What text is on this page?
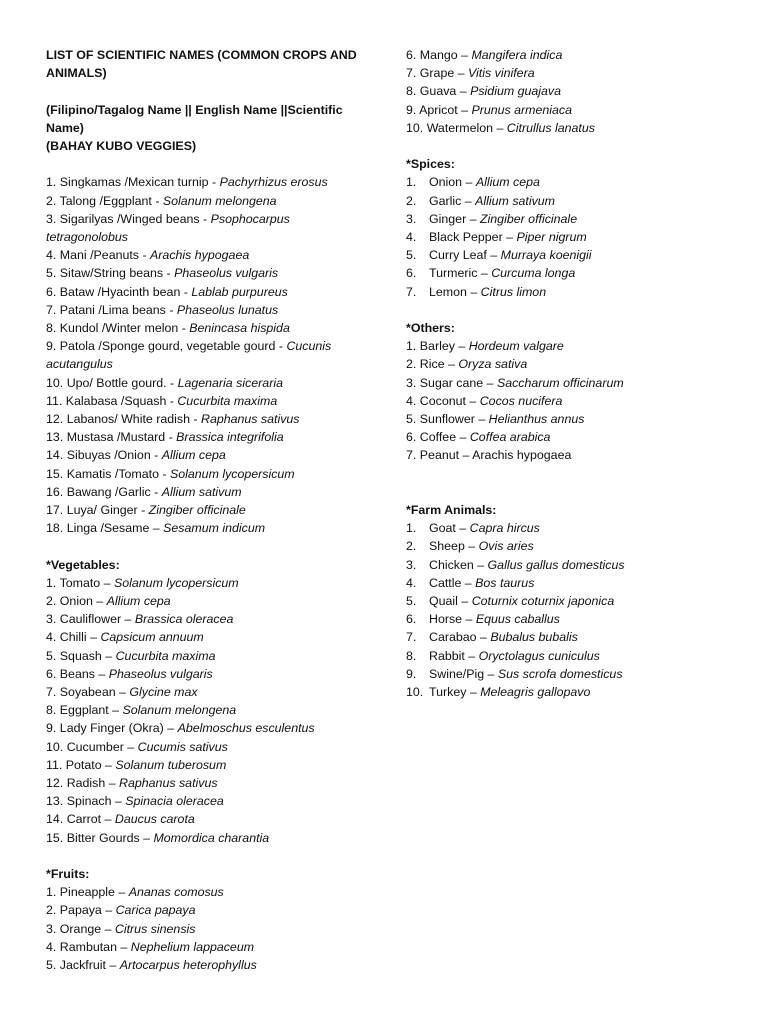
LIST OF SCIENTIFIC NAMES (COMMON CROPS AND ANIMALS)
(Filipino/Tagalog Name || English Name ||Scientific Name)
(BAHAY KUBO VEGGIES)
1. Singkamas /Mexican turnip - Pachyrhizus erosus
2. Talong /Eggplant - Solanum melongena
3. Sigarilyas /Winged beans - Psophocarpus tetragonolobus
4. Mani /Peanuts - Arachis hypogaea
5. Sitaw/String beans - Phaseolus vulgaris
6. Bataw /Hyacinth bean - Lablab purpureus
7. Patani /Lima beans - Phaseolus lunatus
8. Kundol /Winter melon - Benincasa hispida
9. Patola /Sponge gourd, vegetable gourd - Cucunis acutangulus
10. Upo/ Bottle gourd. - Lagenaria siceraria
11. Kalabasa /Squash - Cucurbita maxima
12. Labanos/ White radish - Raphanus sativus
13. Mustasa /Mustard - Brassica integrifolia
14. Sibuyas /Onion - Allium cepa
15. Kamatis /Tomato - Solanum lycopersicum
16. Bawang /Garlic - Allium sativum
17. Luya/ Ginger - Zingiber officinale
18. Linga /Sesame – Sesamum indicum
*Vegetables:
1. Tomato – Solanum lycopersicum
2. Onion – Allium cepa
3. Cauliflower – Brassica oleracea
4. Chilli – Capsicum annuum
5. Squash – Cucurbita maxima
6. Beans – Phaseolus vulgaris
7. Soyabean – Glycine max
8. Eggplant – Solanum melongena
9. Lady Finger (Okra) – Abelmoschus esculentus
10. Cucumber – Cucumis sativus
11. Potato – Solanum tuberosum
12. Radish – Raphanus sativus
13. Spinach – Spinacia oleracea
14. Carrot – Daucus carota
15. Bitter Gourds – Momordica charantia
*Fruits:
1. Pineapple – Ananas comosus
2. Papaya – Carica papaya
3. Orange – Citrus sinensis
4. Rambutan – Nephelium lappaceum
5. Jackfruit – Artocarpus heterophyllus
6. Mango – Mangifera indica
7. Grape – Vitis vinifera
8. Guava – Psidium guajava
9. Apricot – Prunus armeniaca
10. Watermelon – Citrullus lanatus
*Spices:
1. Onion – Allium cepa
2. Garlic – Allium sativum
3. Ginger – Zingiber officinale
4. Black Pepper – Piper nigrum
5. Curry Leaf – Murraya koenigii
6. Turmeric – Curcuma longa
7. Lemon – Citrus limon
*Others:
1. Barley – Hordeum valgare
2. Rice – Oryza sativa
3. Sugar cane – Saccharum officinarum
4. Coconut – Cocos nucifera
5. Sunflower – Helianthus annus
6. Coffee – Coffea arabica
7. Peanut – Arachis hypogaea
*Farm Animals:
1. Goat – Capra hircus
2. Sheep – Ovis aries
3. Chicken – Gallus gallus domesticus
4. Cattle – Bos taurus
5. Quail – Coturnix coturnix japonica
6. Horse – Equus caballus
7. Carabao – Bubalus bubalis
8. Rabbit – Oryctolagus cuniculus
9. Swine/Pig – Sus scrofa domesticus
10. Turkey – Meleagris gallopavo
